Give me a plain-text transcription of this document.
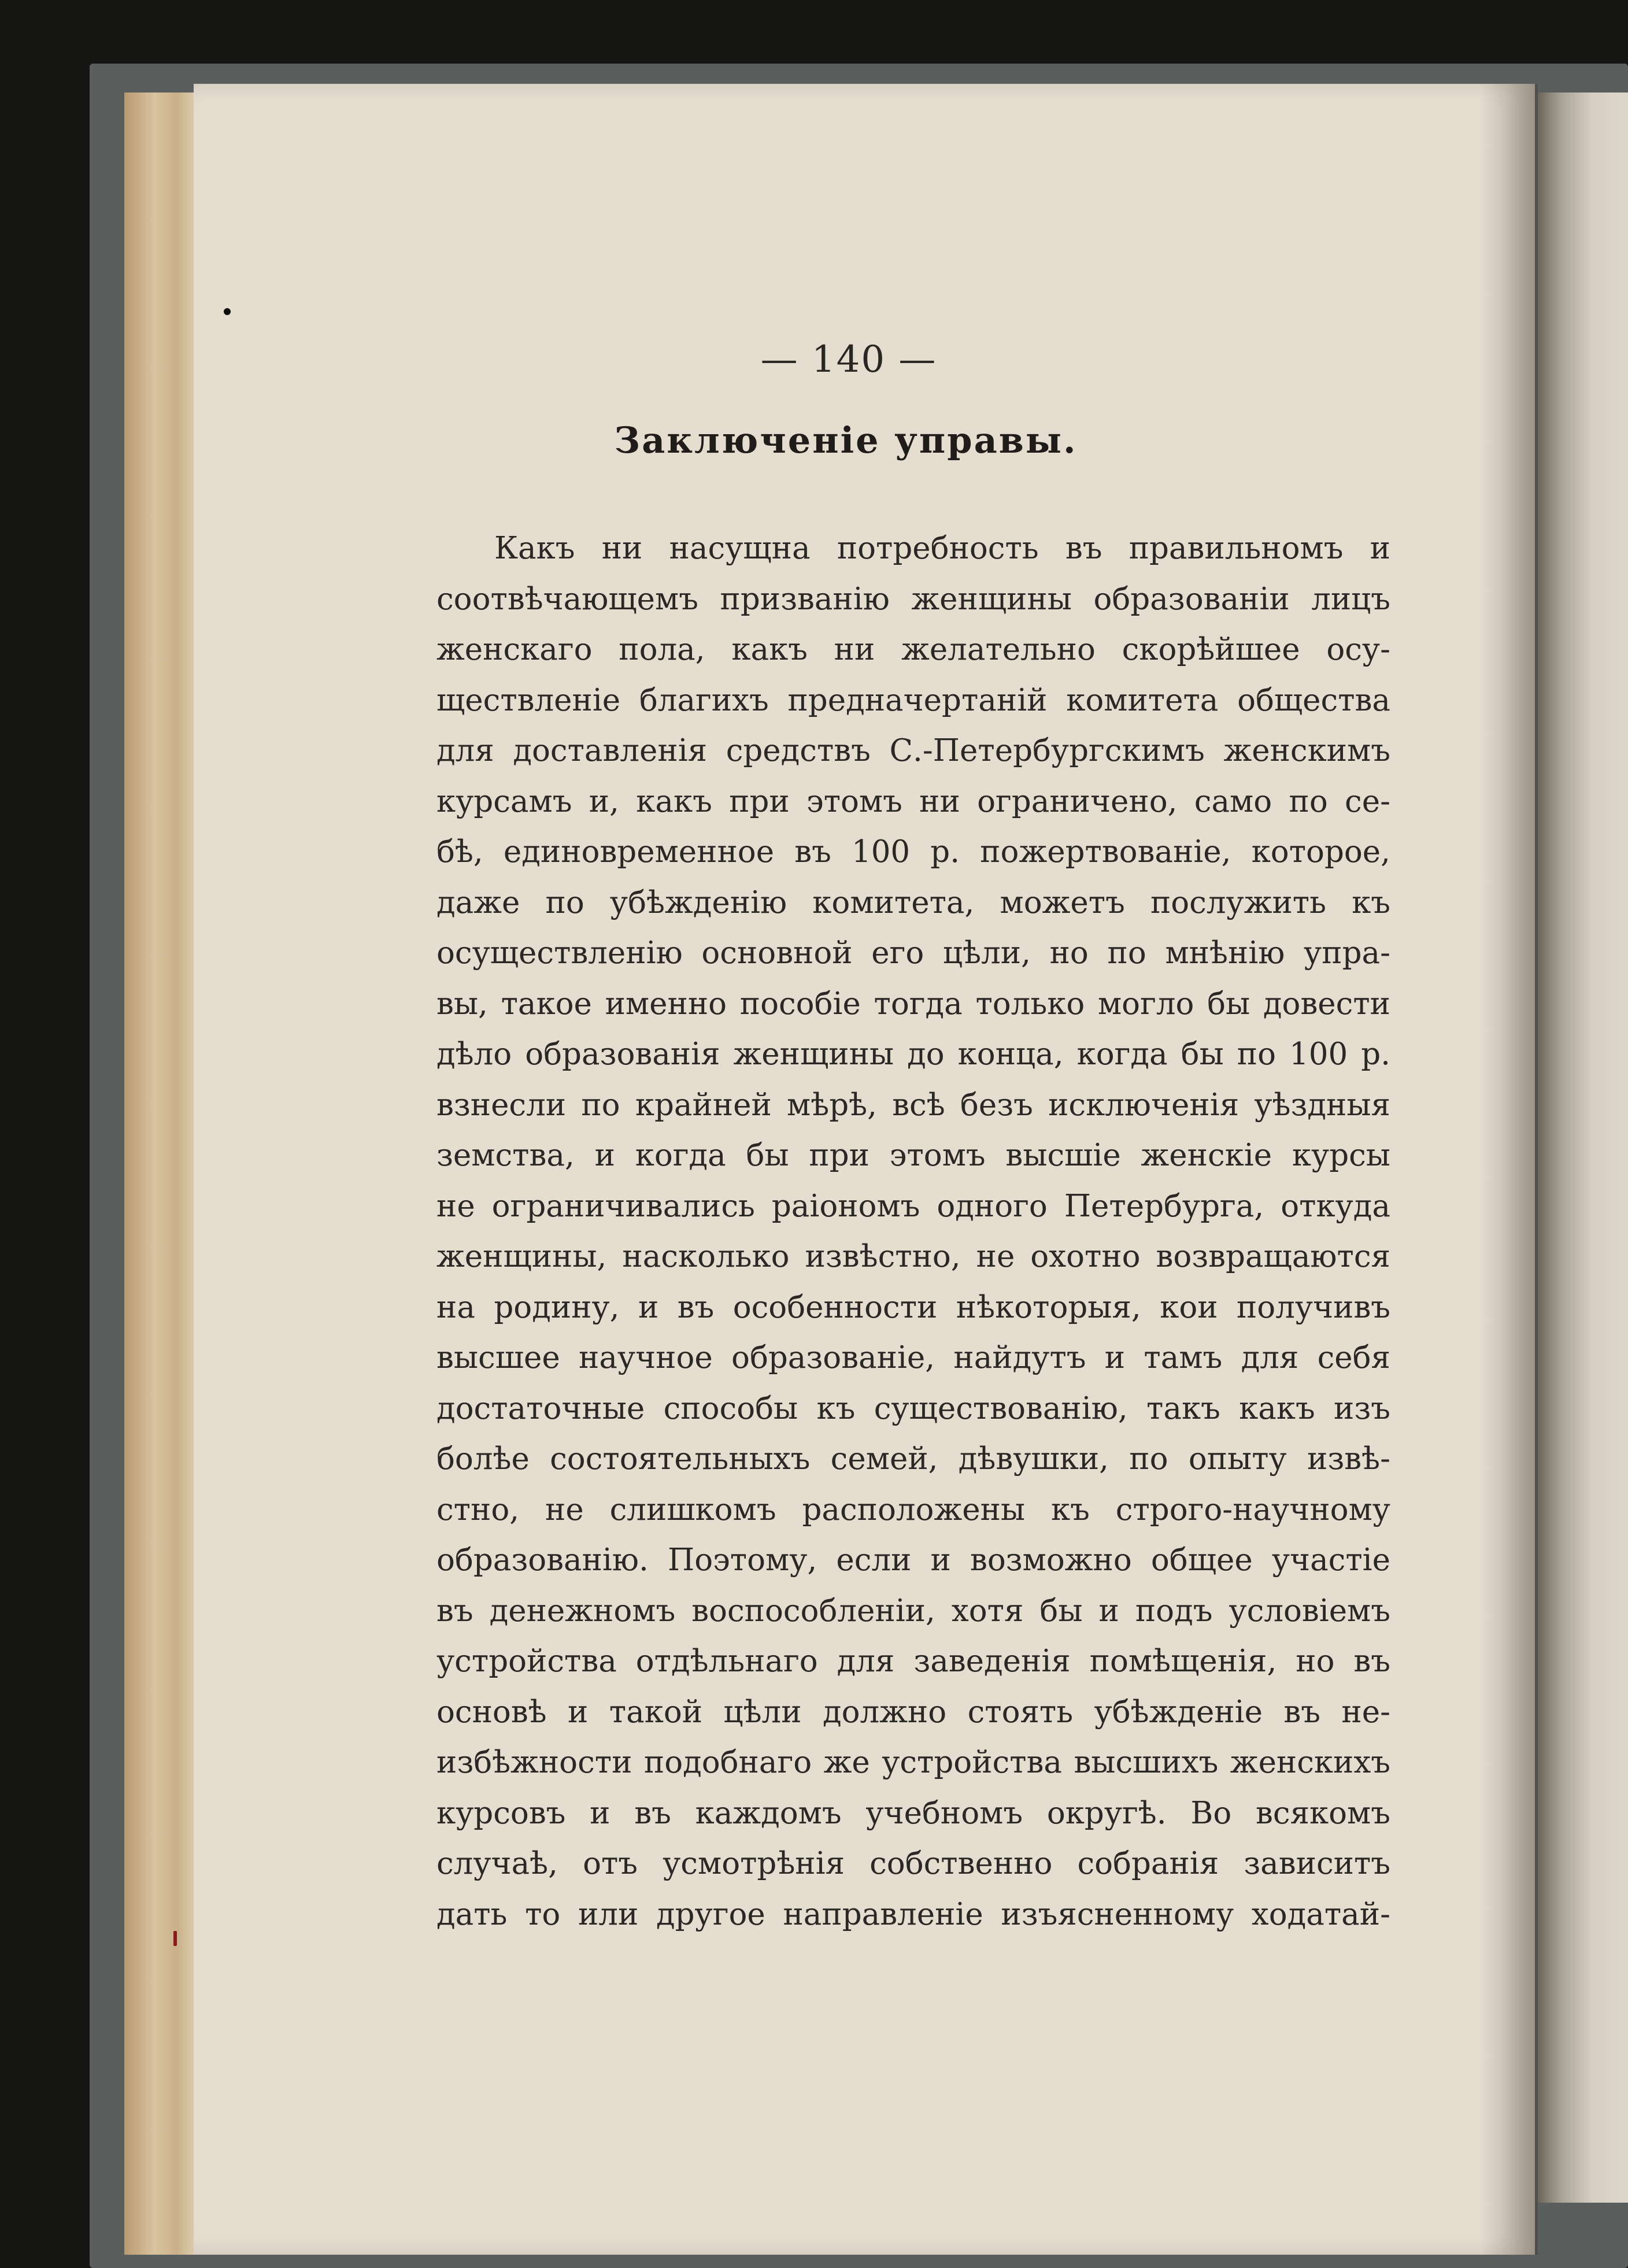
— 140 —
Заключеніе управы.
Какъ ни насущна потребность въ правильномъ и
соотвѣчающемъ призванію женщины образованіи лицъ
женскаго пола, какъ ни желательно скорѣйшее осу-
ществленіе благихъ предначертаній комитета общества
для доставленія средствъ С.-Петербургскимъ женскимъ
курсамъ и, какъ при этомъ ни ограничено, само по се-
бѣ, единовременное въ 100 р. пожертвованіе, которое,
даже по убѣжденію комитета, можетъ послужить къ
осуществленію основной его цѣли, но по мнѣнію упра-
вы, такое именно пособіе тогда только могло бы довести
дѣло образованія женщины до конца, когда бы по 100 р.
взнесли по крайней мѣрѣ, всѣ безъ исключенія уѣздныя
земства, и когда бы при этомъ высшіе женскіе курсы
не ограничивались раіономъ одного Петербурга, откуда
женщины, насколько извѣстно, не охотно возвращаются
на родину, и въ особенности нѣкоторыя, кои получивъ
высшее научное образованіе, найдутъ и тамъ для себя
достаточные способы къ существованію, такъ какъ изъ
болѣе состоятельныхъ семей, дѣвушки, по опыту извѣ-
стно, не слишкомъ расположены къ строго-научному
образованію. Поэтому, если и возможно общее участіе
въ денежномъ воспособленіи, хотя бы и подъ условіемъ
устройства отдѣльнаго для заведенія помѣщенія, но въ
основѣ и такой цѣли должно стоять убѣжденіе въ не-
избѣжности подобнаго же устройства высшихъ женскихъ
курсовъ и въ каждомъ учебномъ округѣ. Во всякомъ
случаѣ, отъ усмотрѣнія собственно собранія зависитъ
дать то или другое направленіе изъясненному ходатай-
